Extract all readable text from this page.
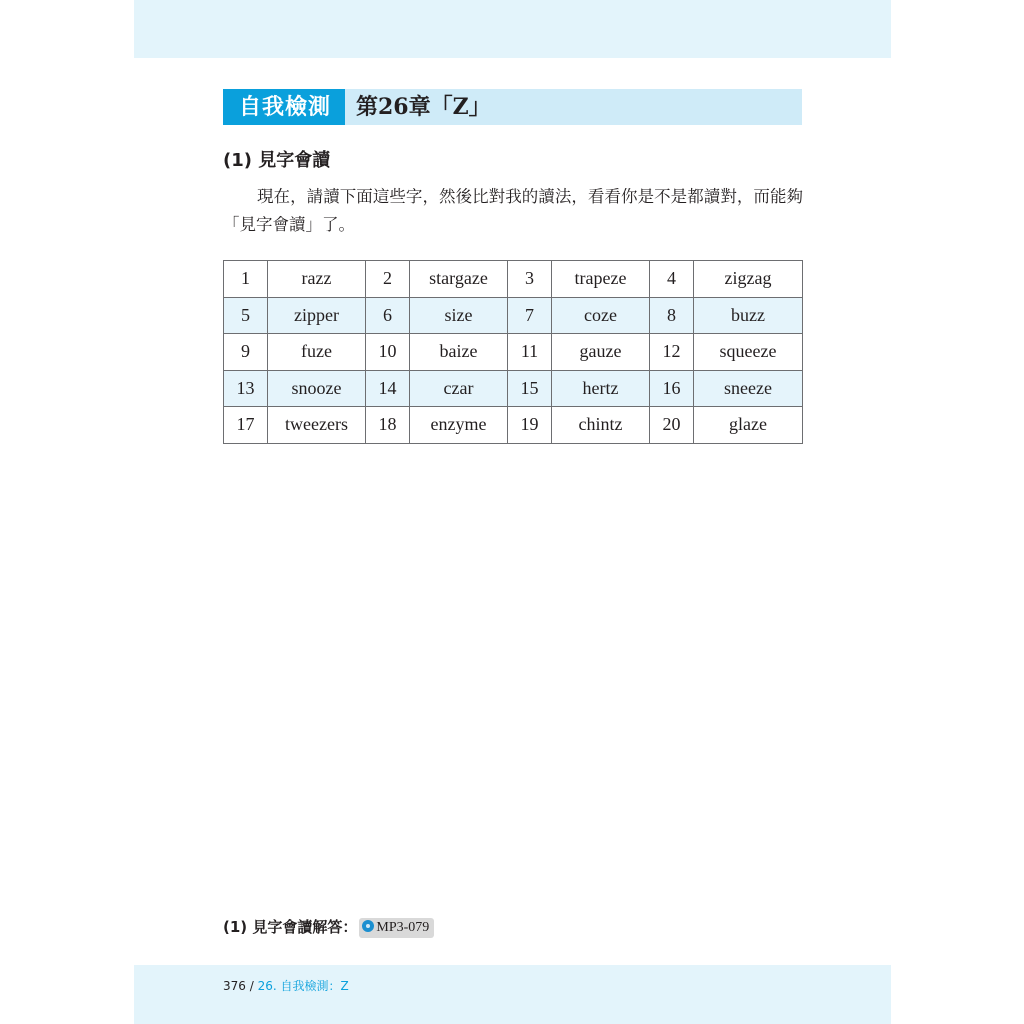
自我檢測 第26章「Z」
(1) 見字會讀
現在，請讀下面這些字，然後比對我的讀法，看看你是不是都讀對，而能夠「見字會讀」了。
1	razz	2	stargaze	3	trapeze	4	zigzag
5	zipper	6	size	7	coze	8	buzz
9	fuze	10	baize	11	gauze	12	squeeze
13	snooze	14	czar	15	hertz	16	sneeze
17	tweezers	18	enzyme	19	chintz	20	glaze
(1) 見字會讀解答： MP3-079
376 / 26. 自我檢測：Z
